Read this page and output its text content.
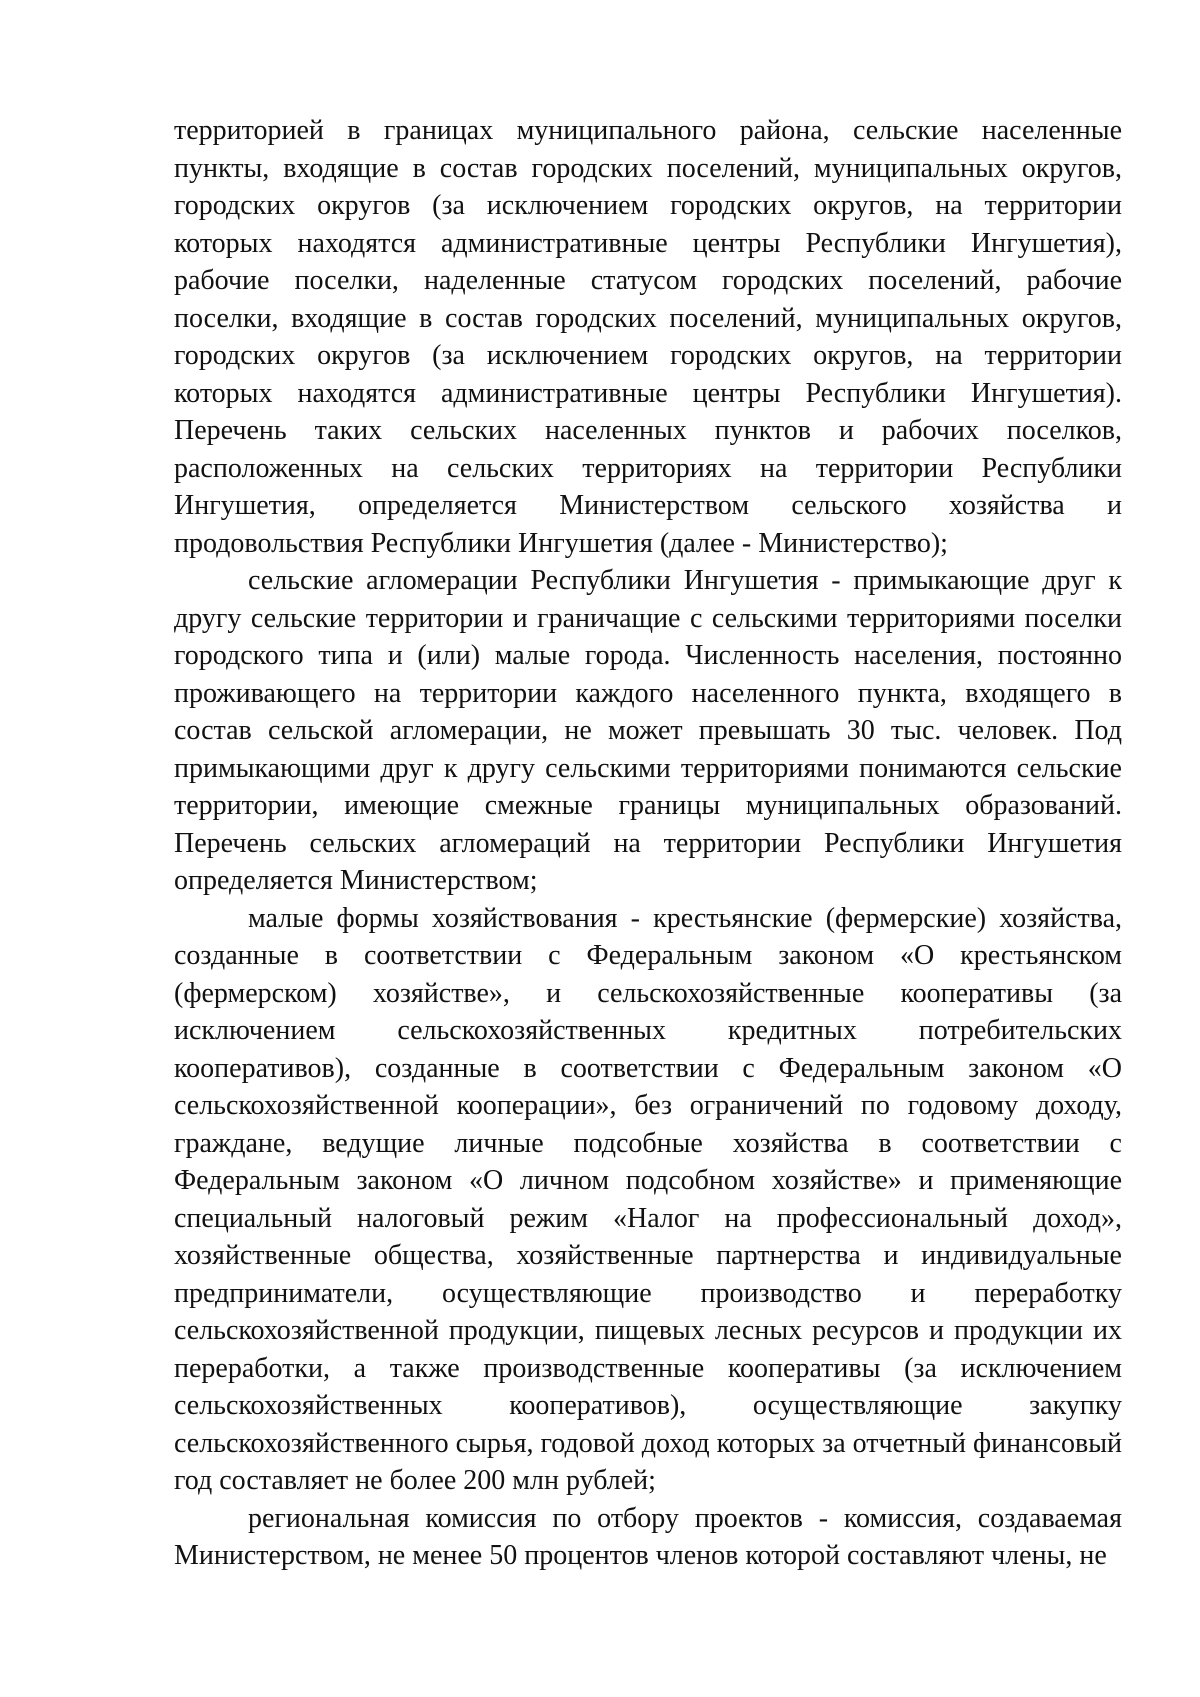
территорией в границах муниципального района, сельские населенные пункты, входящие в состав городских поселений, муниципальных округов, городских округов (за исключением городских округов, на территории которых находятся административные центры Республики Ингушетия), рабочие поселки, наделенные статусом городских поселений, рабочие поселки, входящие в состав городских поселений, муниципальных округов, городских округов (за исключением городских округов, на территории которых находятся административные центры Республики Ингушетия). Перечень таких сельских населенных пунктов и рабочих поселков, расположенных на сельских территориях на территории Республики Ингушетия, определяется Министерством сельского хозяйства и продовольствия Республики Ингушетия (далее - Министерство);

сельские агломерации Республики Ингушетия - примыкающие друг к другу сельские территории и граничащие с сельскими территориями поселки городского типа и (или) малые города. Численность населения, постоянно проживающего на территории каждого населенного пункта, входящего в состав сельской агломерации, не может превышать 30 тыс. человек. Под примыкающими друг к другу сельскими территориями понимаются сельские территории, имеющие смежные границы муниципальных образований. Перечень сельских агломераций на территории Республики Ингушетия определяется Министерством;

малые формы хозяйствования - крестьянские (фермерские) хозяйства, созданные в соответствии с Федеральным законом «О крестьянском (фермерском) хозяйстве», и сельскохозяйственные кооперативы (за исключением сельскохозяйственных кредитных потребительских кооперативов), созданные в соответствии с Федеральным законом «О сельскохозяйственной кооперации», без ограничений по годовому доходу, граждане, ведущие личные подсобные хозяйства в соответствии с Федеральным законом «О личном подсобном хозяйстве» и применяющие специальный налоговый режим «Налог на профессиональный доход», хозяйственные общества, хозяйственные партнерства и индивидуальные предприниматели, осуществляющие производство и переработку сельскохозяйственной продукции, пищевых лесных ресурсов и продукции их переработки, а также производственные кооперативы (за исключением сельскохозяйственных кооперативов), осуществляющие закупку сельскохозяйственного сырья, годовой доход которых за отчетный финансовый год составляет не более 200 млн рублей;

региональная комиссия по отбору проектов - комиссия, создаваемая Министерством, не менее 50 процентов членов которой составляют члены, не
